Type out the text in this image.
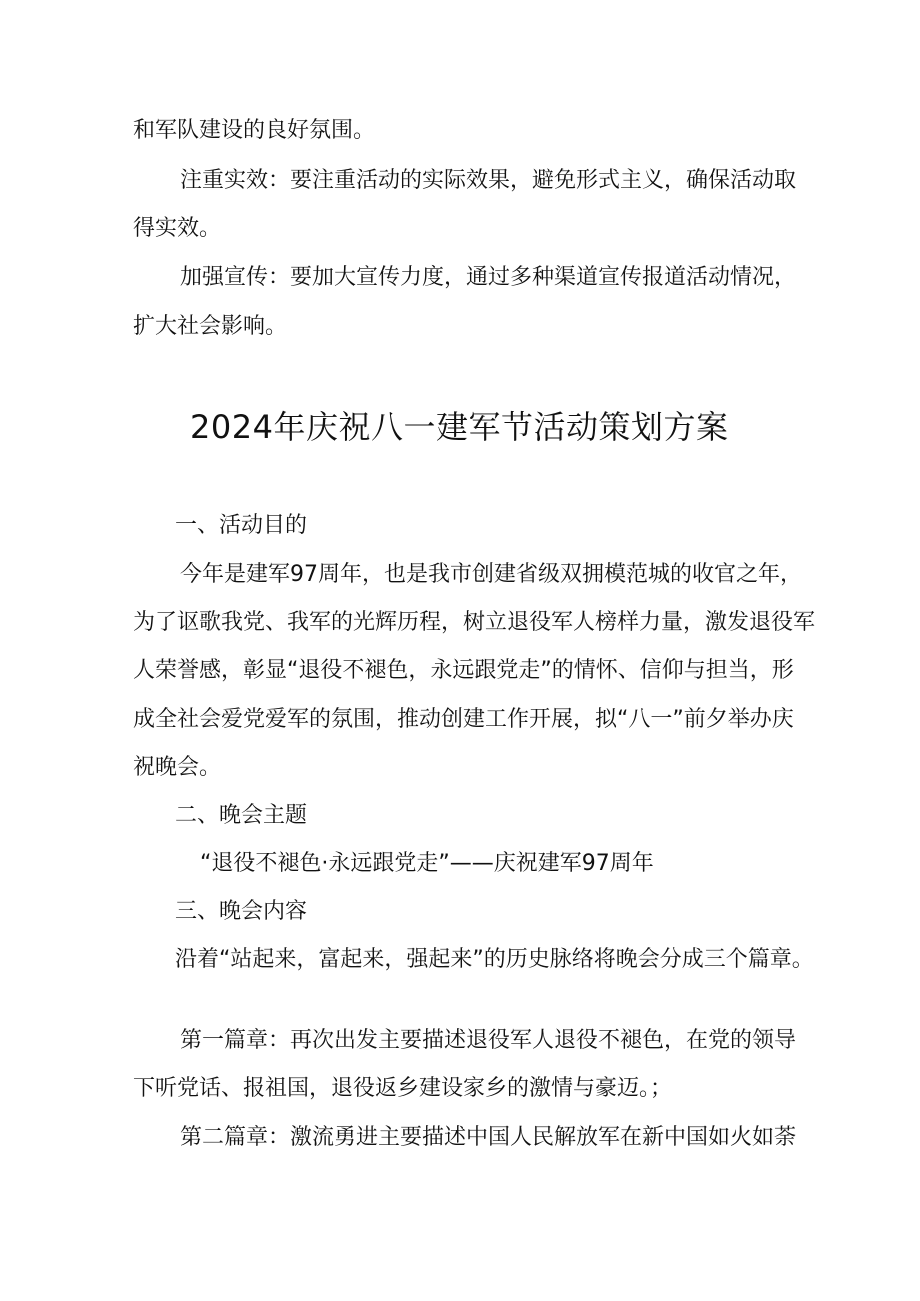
和军队建设的良好氛围。
注重实效：要注重活动的实际效果，避免形式主义，确保活动取
得实效。
加强宣传：要加大宣传力度，通过多种渠道宣传报道活动情况，
扩大社会影响。
2024年庆祝八一建军节活动策划方案
一、活动目的
今年是建军97周年，也是我市创建省级双拥模范城的收官之年，
为了讴歌我党、我军的光辉历程，树立退役军人榜样力量，激发退役军
人荣誉感，彰显“退役不褪色，永远跟党走”的情怀、信仰与担当，形
成全社会爱党爱军的氛围，推动创建工作开展，拟“八一”前夕举办庆
祝晚会。
二、晚会主题
“退役不褪色·永远跟党走”——庆祝建军97周年
三、晚会内容
沿着“站起来，富起来，强起来”的历史脉络将晚会分成三个篇章。
第一篇章：再次出发主要描述退役军人退役不褪色，在党的领导
下听党话、报祖国，退役返乡建设家乡的激情与豪迈。；
第二篇章：激流勇进主要描述中国人民解放军在新中国如火如荼
